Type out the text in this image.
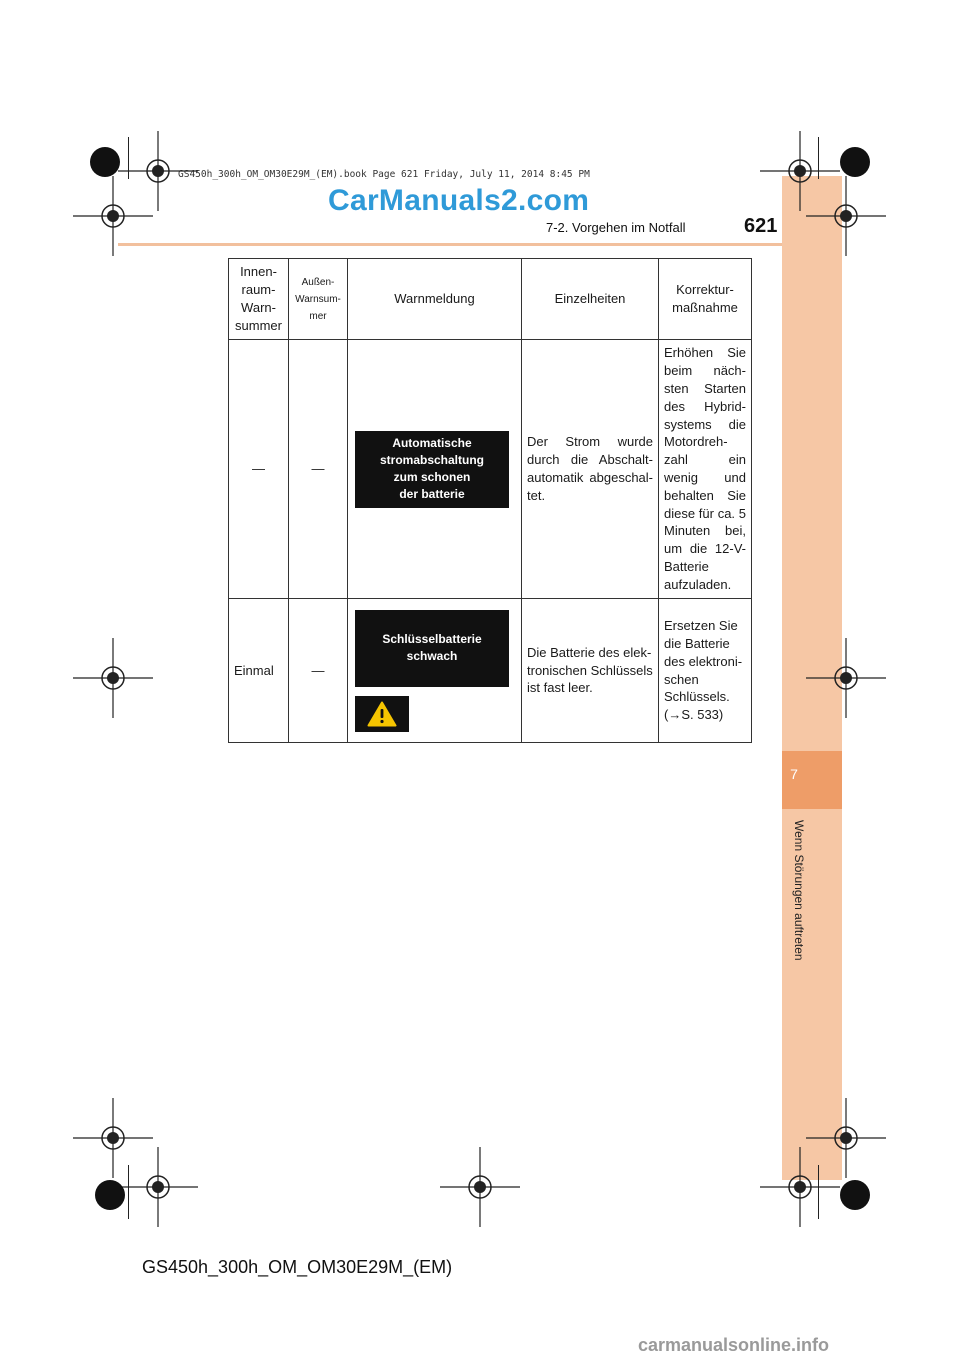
7
Wenn Störungen auftreten
GS450h_300h_OM_OM30E29M_(EM).book Page 621 Friday, July 11, 2014 8:45 PM
CarManuals2.com
7-2. Vorgehen im Notfall	621
Innen-
raum-
Warn-
summer	Außen-
Warnsum-
mer	Warnmeldung	Einzelheiten	Korrektur-
maßnahme
—	—	Automatische
stromabschaltung
zum schonen
der batterie	Der Strom wurde durch die Abschalt-automatik abgeschal-tet.	Erhöhen Sie beim näch-sten Starten des Hybrid-systems die Motordreh-zahl ein wenig und behalten Sie diese für ca. 5 Minuten bei, um die 12-V-Batterie aufzuladen.
Einmal	—	Schlüsselbatterie
schwach	Die Batterie des elek-tronischen Schlüssels ist fast leer.	Ersetzen Sie die Batterie des elektroni-schen Schlüssels. (→S. 533)
GS450h_300h_OM_OM30E29M_(EM)
carmanualsonline.info
